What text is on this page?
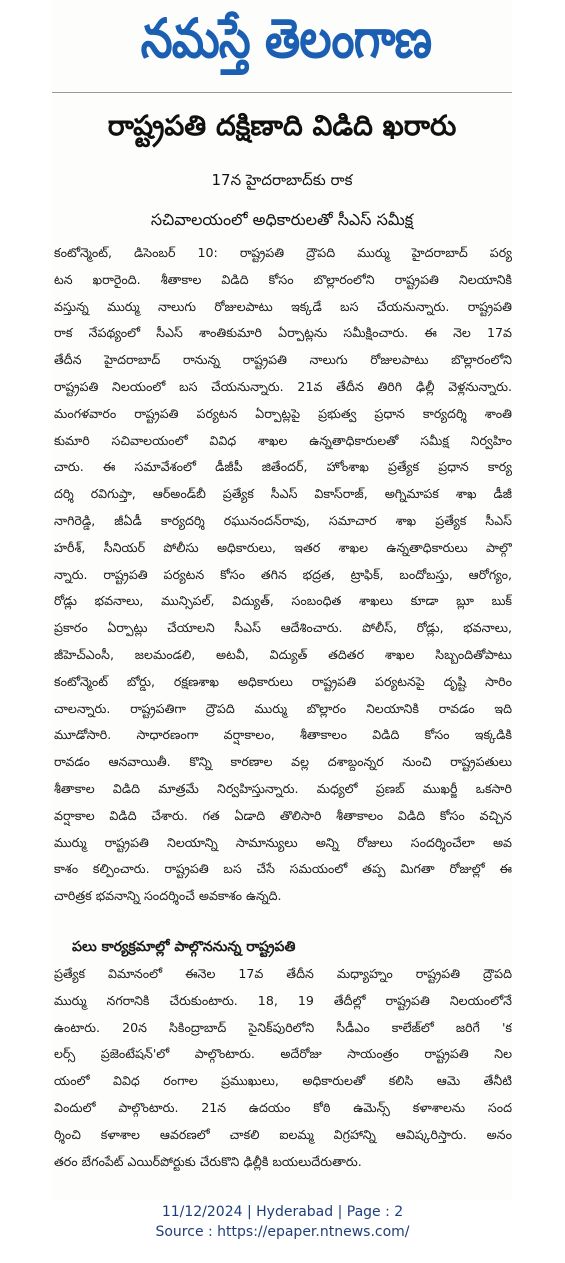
నమస్తే తెలంగాణ
రాష్ట్రపతి దక్షిణాది విడిది ఖరారు
17న హైదరాబాద్‌కు రాక
సచివాలయంలో అధికారులతో సీఎస్ సమీక్ష
కంటోన్మెంట్, డిసెంబర్ 10: రాష్ట్రపతి ద్రౌపది ముర్ము హైదరాబాద్ పర్య
టన ఖరారైంది. శీతాకాల విడిది కోసం బొల్లారంలోని రాష్ట్రపతి నిలయానికి
వస్తున్న ముర్ము నాలుగు రోజులపాటు ఇక్కడే బస చేయనున్నారు. రాష్ట్రపతి
రాక నేపథ్యంలో సీఎస్ శాంతికుమారి ఏర్పాట్లను సమీక్షించారు. ఈ నెల 17వ
తేదీన హైదరాబాద్ రానున్న రాష్ట్రపతి నాలుగు రోజులపాటు బొల్లారంలోని
రాష్ట్రపతి నిలయంలో బస చేయనున్నారు. 21వ తేదీన తిరిగి ఢిల్లీ వెళ్లనున్నారు.
మంగళవారం రాష్ట్రపతి పర్యటన ఏర్పాట్లపై ప్రభుత్వ ప్రధాన కార్యదర్శి శాంతి
కుమారి సచివాలయంలో వివిధ శాఖల ఉన్నతాధికారులతో సమీక్ష నిర్వహిం
చారు. ఈ సమావేశంలో డీజీపీ జితేందర్, హోంశాఖ ప్రత్యేక ప్రధాన కార్య
దర్శి రవిగుప్తా, ఆర్అండ్‌బీ ప్రత్యేక సీఎస్ వికాస్‌రాజ్, అగ్నిమాపక శాఖ డీజీ
నాగిరెడ్డి, జీఏడీ కార్యదర్శి రఘునందన్‌రావు, సమాచార శాఖ ప్రత్యేక సీఎస్
హరీశ్, సీనియర్ పోలీసు అధికారులు, ఇతర శాఖల ఉన్నతాధికారులు పాల్గొ
న్నారు. రాష్ట్రపతి పర్యటన కోసం తగిన భద్రత, ట్రాఫిక్, బందోబస్తు, ఆరోగ్యం,
రోడ్లు భవనాలు, మున్సిపల్, విద్యుత్, సంబంధిత శాఖలు కూడా బ్లూ బుక్
ప్రకారం ఏర్పాట్లు చేయాలని సీఎస్ ఆదేశించారు. పోలీస్, రోడ్లు, భవనాలు,
జీహెచ్ఎంసీ, జలమండలి, అటవీ, విద్యుత్ తదితర శాఖల సిబ్బందితోపాటు
కంటోన్మెంట్ బోర్డు, రక్షణశాఖ అధికారులు రాష్ట్రపతి పర్యటనపై దృష్టి సారిం
చాలన్నారు. రాష్ట్రపతిగా ద్రౌపది ముర్ము బొల్లారం నిలయానికి రావడం ఇది
మూడోసారి. సాధారణంగా వర్షాకాలం, శీతాకాలం విడిది కోసం ఇక్కడికి
రావడం ఆనవాయితీ. కొన్ని కారణాల వల్ల దశాబ్దంన్నర నుంచి రాష్ట్రపతులు
శీతాకాల విడిది మాత్రమే నిర్వహిస్తున్నారు. మధ్యలో ప్రణబ్ ముఖర్జీ ఒకసారి
వర్షాకాల విడిది చేశారు. గత ఏడాది తొలిసారి శీతాకాలం విడిది కోసం వచ్చిన
ముర్ము రాష్ట్రపతి నిలయాన్ని సామాన్యులు అన్ని రోజులు సందర్శించేలా అవ
కాశం కల్పించారు. రాష్ట్రపతి బస చేసే సమయంలో తప్ప మిగతా రోజుల్లో ఈ
చారిత్రక భవనాన్ని సందర్శించే అవకాశం ఉన్నది.
పలు కార్యక్రమాల్లో పాల్గొననున్న రాష్ట్రపతి
ప్రత్యేక విమానంలో ఈనెల 17వ తేదీన మధ్యాహ్నం రాష్ట్రపతి ద్రౌపది
ముర్ము నగరానికి చేరుకుంటారు. 18, 19 తేదీల్లో రాష్ట్రపతి నిలయంలోనే
ఉంటారు. 20న సికింద్రాబాద్ సైనిక్‌పురిలోని సీడీఎం కాలేజ్‌లో జరిగే 'క
లర్స్ ప్రజెంటేషన్'లో పాల్గొంటారు. అదేరోజు సాయంత్రం రాష్ట్రపతి నిల
యంలో వివిధ రంగాల ప్రముఖులు, అధికారులతో కలిసి ఆమె తేనీటి
విందులో పాల్గొంటారు. 21న ఉదయం కోఠి ఉమెన్స్ కళాశాలను సంద
ర్శించి కళాశాల ఆవరణలో చాకలి ఐలమ్మ విగ్రహాన్ని ఆవిష్కరిస్తారు. అనం
తరం బేగంపేట్ ఎయిర్‌పోర్టుకు చేరుకొని ఢిల్లీకి బయలుదేరుతారు.
11/12/2024 | Hyderabad | Page : 2
Source : https://epaper.ntnews.com/
